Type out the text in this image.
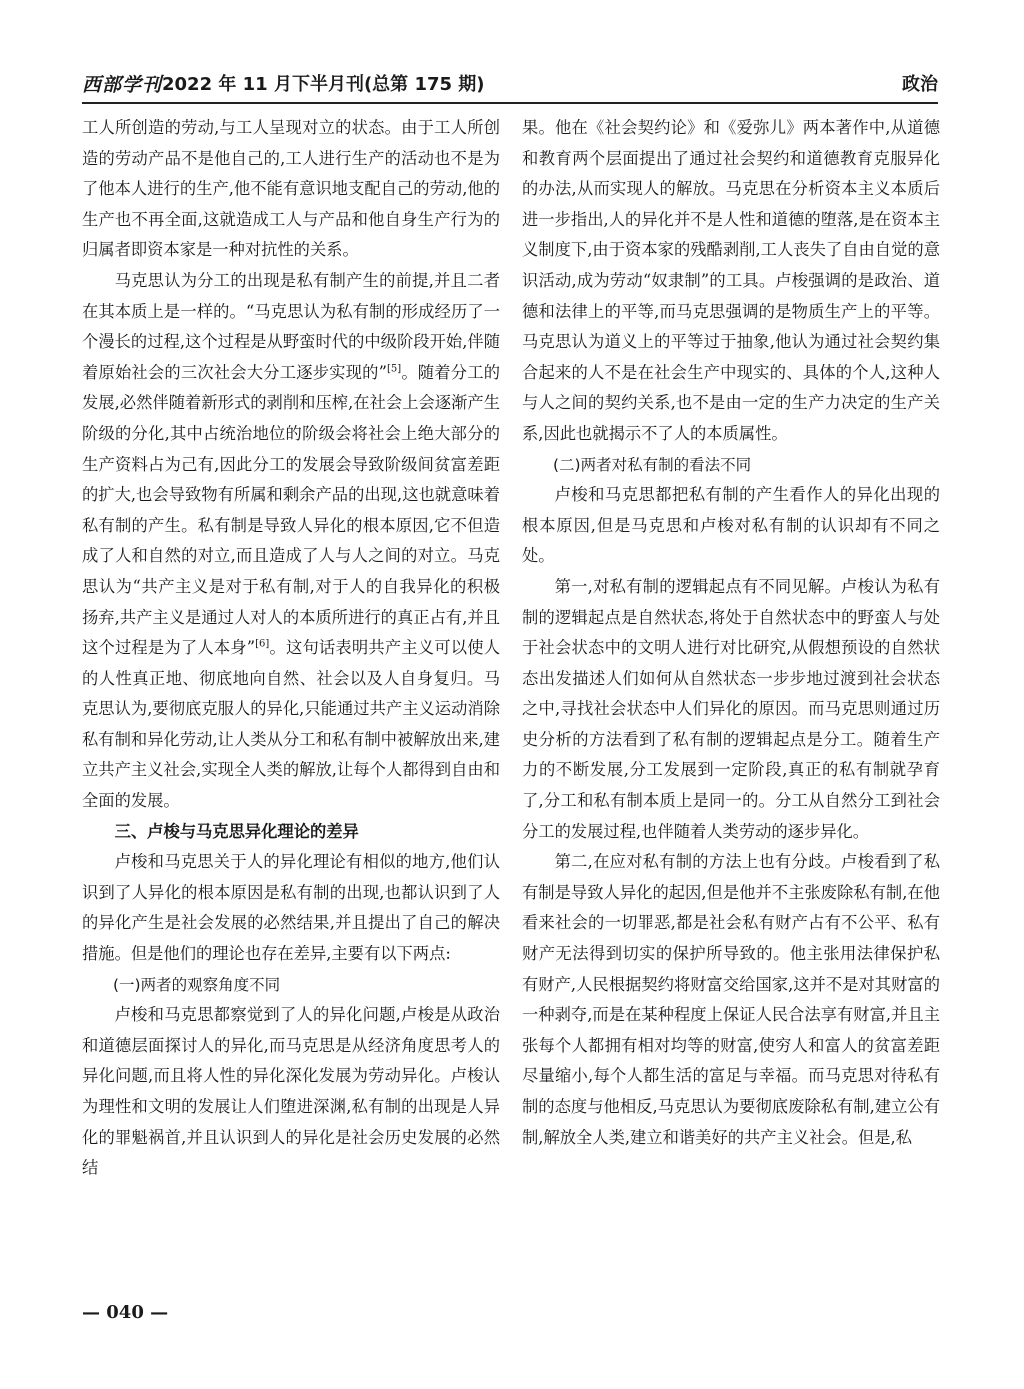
西部学刊 2022 年 11 月下半月刊(总第 175 期)	政治

工人所创造的劳动,与工人呈现对立的状态。由于工人所创造的劳动产品不是他自己的,工人进行生产的活动也不是为了他本人进行的生产,他不能有意识地支配自己的劳动,他的生产也不再全面,这就造成工人与产品和他自身生产行为的归属者即资本家是一种对抗性的关系。

马克思认为分工的出现是私有制产生的前提,并且二者在其本质上是一样的。“马克思认为私有制的形成经历了一个漫长的过程,这个过程是从野蛮时代的中级阶段开始,伴随着原始社会的三次社会大分工逐步实现的”[5]。随着分工的发展,必然伴随着新形式的剥削和压榨,在社会上会逐渐产生阶级的分化,其中占统治地位的阶级会将社会上绝大部分的生产资料占为己有,因此分工的发展会导致阶级间贫富差距的扩大,也会导致物有所属和剩余产品的出现,这也就意味着私有制的产生。私有制是导致人异化的根本原因,它不但造成了人和自然的对立,而且造成了人与人之间的对立。马克思认为“共产主义是对于私有制,对于人的自我异化的积极扬弃,共产主义是通过人对人的本质所进行的真正占有,并且这个过程是为了人本身”[6]。这句话表明共产主义可以使人的人性真正地、彻底地向自然、社会以及人自身复归。马克思认为,要彻底克服人的异化,只能通过共产主义运动消除私有制和异化劳动,让人类从分工和私有制中被解放出来,建立共产主义社会,实现全人类的解放,让每个人都得到自由和全面的发展。

三、卢梭与马克思异化理论的差异

卢梭和马克思关于人的异化理论有相似的地方,他们认识到了人异化的根本原因是私有制的出现,也都认识到了人的异化产生是社会发展的必然结果,并且提出了自己的解决措施。但是他们的理论也存在差异,主要有以下两点:

(一)两者的观察角度不同

卢梭和马克思都察觉到了人的异化问题,卢梭是从政治和道德层面探讨人的异化,而马克思是从经济角度思考人的异化问题,而且将人性的异化深化发展为劳动异化。卢梭认为理性和文明的发展让人们堕进深渊,私有制的出现是人异化的罪魁祸首,并且认识到人的异化是社会历史发展的必然结

果。他在《社会契约论》和《爱弥儿》两本著作中,从道德和教育两个层面提出了通过社会契约和道德教育克服异化的办法,从而实现人的解放。马克思在分析资本主义本质后进一步指出,人的异化并不是人性和道德的堕落,是在资本主义制度下,由于资本家的残酷剥削,工人丧失了自由自觉的意识活动,成为劳动“奴隶制”的工具。卢梭强调的是政治、道德和法律上的平等,而马克思强调的是物质生产上的平等。马克思认为道义上的平等过于抽象,他认为通过社会契约集合起来的人不是在社会生产中现实的、具体的个人,这种人与人之间的契约关系,也不是由一定的生产力决定的生产关系,因此也就揭示不了人的本质属性。

(二)两者对私有制的看法不同

卢梭和马克思都把私有制的产生看作人的异化出现的根本原因,但是马克思和卢梭对私有制的认识却有不同之处。

第一,对私有制的逻辑起点有不同见解。卢梭认为私有制的逻辑起点是自然状态,将处于自然状态中的野蛮人与处于社会状态中的文明人进行对比研究,从假想预设的自然状态出发描述人们如何从自然状态一步步地过渡到社会状态之中,寻找社会状态中人们异化的原因。而马克思则通过历史分析的方法看到了私有制的逻辑起点是分工。随着生产力的不断发展,分工发展到一定阶段,真正的私有制就孕育了,分工和私有制本质上是同一的。分工从自然分工到社会分工的发展过程,也伴随着人类劳动的逐步异化。

第二,在应对私有制的方法上也有分歧。卢梭看到了私有制是导致人异化的起因,但是他并不主张废除私有制,在他看来社会的一切罪恶,都是社会私有财产占有不公平、私有财产无法得到切实的保护所导致的。他主张用法律保护私有财产,人民根据契约将财富交给国家,这并不是对其财富的一种剥夺,而是在某种程度上保证人民合法享有财富,并且主张每个人都拥有相对均等的财富,使穷人和富人的贫富差距尽量缩小,每个人都生活的富足与幸福。而马克思对待私有制的态度与他相反,马克思认为要彻底废除私有制,建立公有制,解放全人类,建立和谐美好的共产主义社会。但是,私

— 040 —
